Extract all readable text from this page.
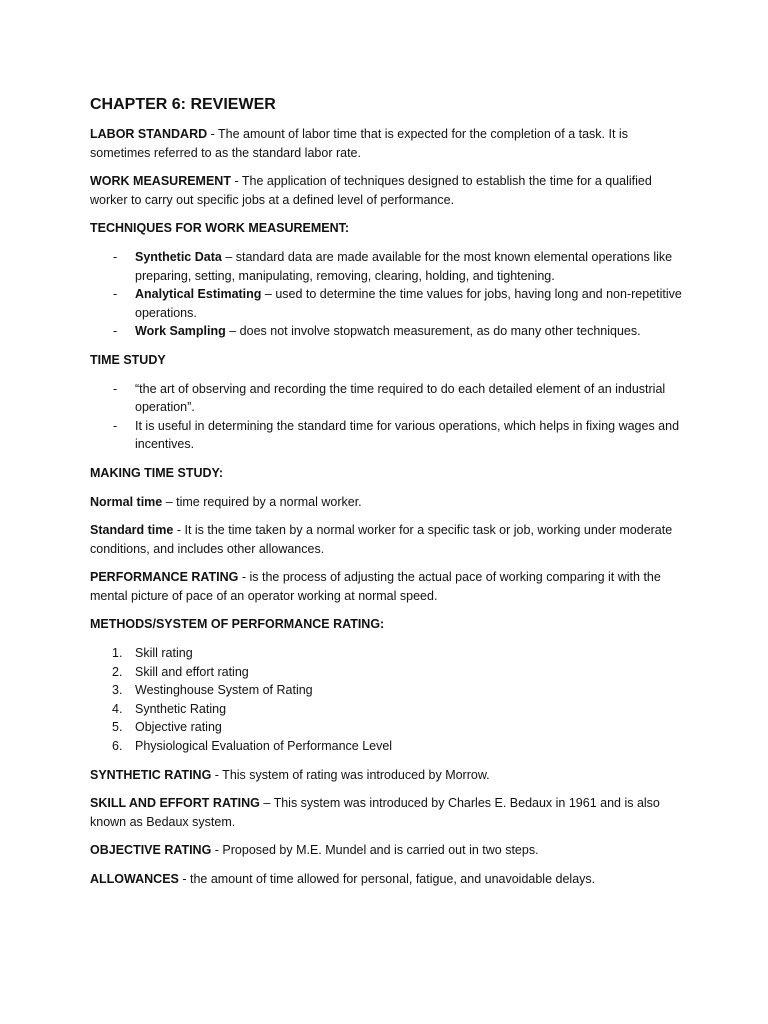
CHAPTER 6: REVIEWER

LABOR STANDARD - The amount of labor time that is expected for the completion of a task. It is sometimes referred to as the standard labor rate.

WORK MEASUREMENT - The application of techniques designed to establish the time for a qualified worker to carry out specific jobs at a defined level of performance.

TECHNIQUES FOR WORK MEASUREMENT:
- Synthetic Data – standard data are made available for the most known elemental operations like preparing, setting, manipulating, removing, clearing, holding, and tightening.
- Analytical Estimating – used to determine the time values for jobs, having long and non-repetitive operations.
- Work Sampling – does not involve stopwatch measurement, as do many other techniques.
TIME STUDY
- “the art of observing and recording the time required to do each detailed element of an industrial operation”.
- It is useful in determining the standard time for various operations, which helps in fixing wages and incentives.
MAKING TIME STUDY:

Normal time – time required by a normal worker.

Standard time - It is the time taken by a normal worker for a specific task or job, working under moderate conditions, and includes other allowances.

PERFORMANCE RATING - is the process of adjusting the actual pace of working comparing it with the mental picture of pace of an operator working at normal speed.

METHODS/SYSTEM OF PERFORMANCE RATING:
1. Skill rating
2. Skill and effort rating
3. Westinghouse System of Rating
4. Synthetic Rating
5. Objective rating
6. Physiological Evaluation of Performance Level

SYNTHETIC RATING - This system of rating was introduced by Morrow.

SKILL AND EFFORT RATING – This system was introduced by Charles E. Bedaux in 1961 and is also known as Bedaux system.

OBJECTIVE RATING - Proposed by M.E. Mundel and is carried out in two steps.

ALLOWANCES - the amount of time allowed for personal, fatigue, and unavoidable delays.
